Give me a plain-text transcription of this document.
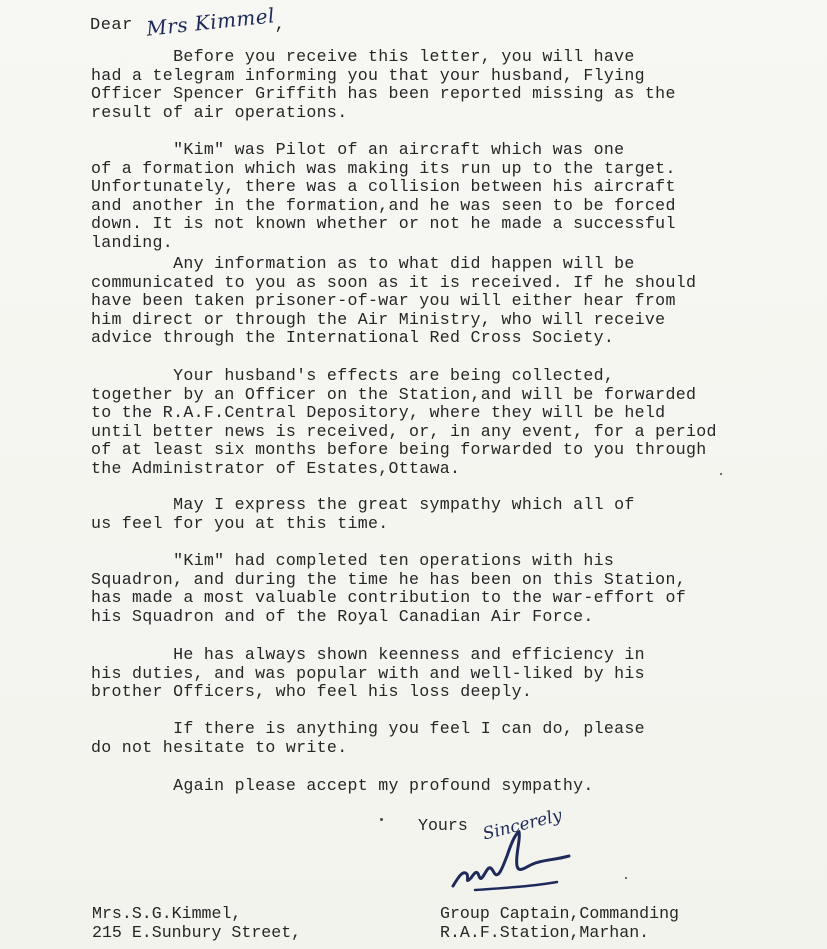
Dear Mrs Kimmel,

Before you receive this letter, you will have
had a telegram informing you that your husband, Flying
Officer Spencer Griffith has been reported missing as the
result of air operations.

"Kim" was Pilot of an aircraft which was one
of a formation which was making its run up to the target.
Unfortunately, there was a collision between his aircraft
and another in the formation,and he was seen to be forced
down. It is not known whether or not he made a successful
landing.

Any information as to what did happen will be
communicated to you as soon as it is received. If he should
have been taken prisoner-of-war you will either hear from
him direct or through the Air Ministry, who will receive
advice through the International Red Cross Society.

Your husband's effects are being collected,
together by an Officer on the Station,and will be forwarded
to the R.A.F.Central Depository, where they will be held
until better news is received, or, in any event, for a period
of at least six months before being forwarded to you through
the Administrator of Estates,Ottawa.

May I express the great sympathy which all of
us feel for you at this time.

"Kim" had completed ten operations with his
Squadron, and during the time he has been on this Station,
has made a most valuable contribution to the war-effort of
his Squadron and of the Royal Canadian Air Force.

He has always shown keenness and efficiency in
his duties, and was popular with and well-liked by his
brother Officers, who feel his loss deeply.

If there is anything you feel I can do, please
do not hesitate to write.

Again please accept my profound sympathy.

Yours Sincerely
Mrs.S.G.Kimmel,
215 E.Sunbury Street,
Group Captain,Commanding
R.A.F.Station,Marhan.
